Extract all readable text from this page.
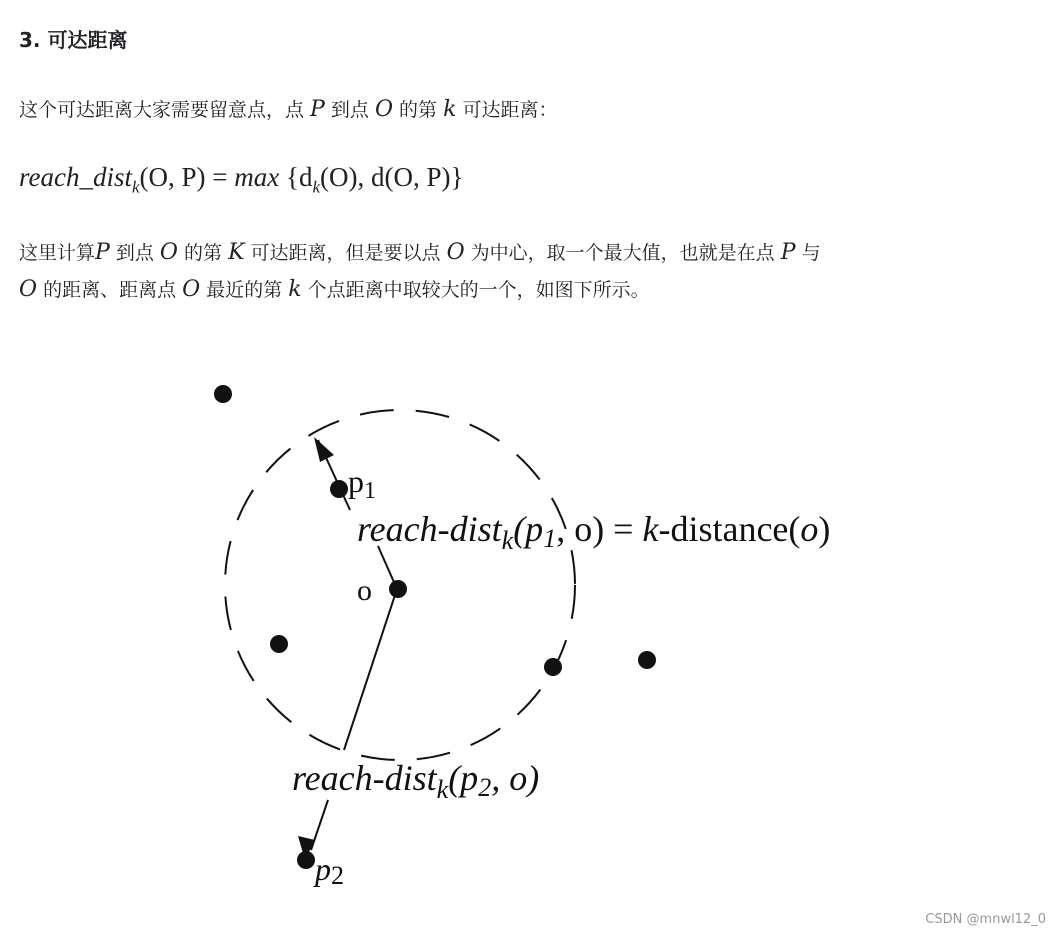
3. 可达距离
这个可达距离大家需要留意点，点 P 到点 O 的第 k 可达距离：
reach_dist$_k$(O, $P) = \max \{d_k(O)$, d(O, P)}
这里计算P 到点 O 的第 K 可达距离，但是要以点 O 为中心，取一个最大值，也就是在点 P 与
O 的距离、距离点 O 最近的第 k 个点距离中取较大的一个，如图下所示。
p1
o
reach-dist$_k$(p1, o) = k-distance(o)
reach-dist$_k$(p2, o)
p2
CSDN @mnwl12_0
